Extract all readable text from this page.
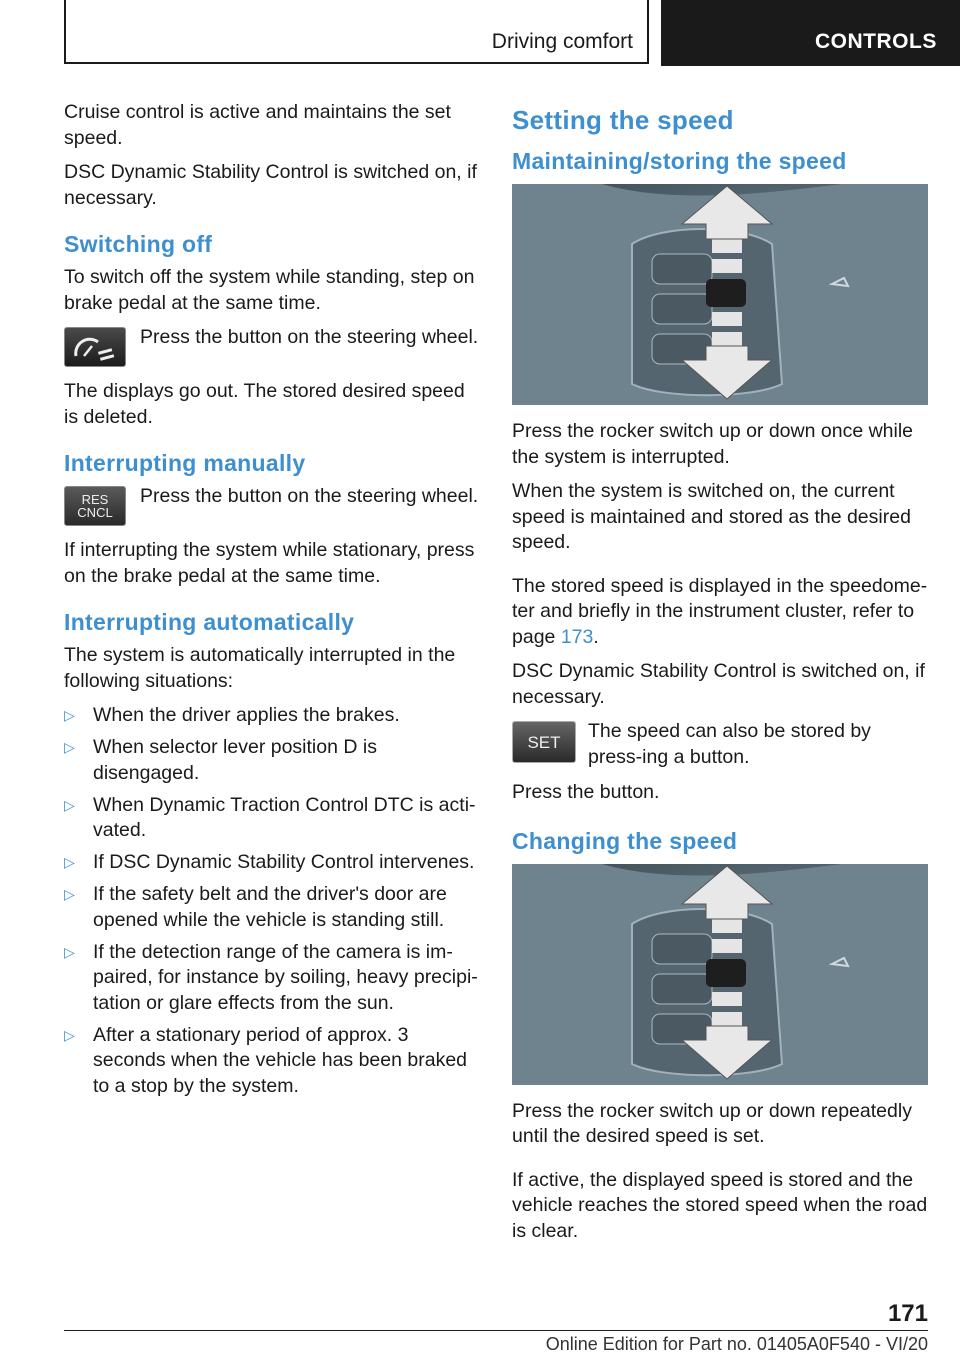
Driving comfort	CONTROLS

Cruise control is active and maintains the set speed.

DSC Dynamic Stability Control is switched on, if necessary.

Switching off

To switch off the system while standing, step on brake pedal at the same time.

Press the button on the steering wheel.

The displays go out. The stored desired speed is deleted.

Interrupting manually
RES
CNCL

Press the button on the steering wheel.

If interrupting the system while stationary, press on the brake pedal at the same time.

Interrupting automatically

The system is automatically interrupted in the following situations:

▷ When the driver applies the brakes.
▷ When selector lever position D is disengaged.
▷ When Dynamic Traction Control DTC is acti‐vated.
▷ If DSC Dynamic Stability Control intervenes.
▷ If the safety belt and the driver's door are opened while the vehicle is standing still.
▷ If the detection range of the camera is im‐paired, for instance by soiling, heavy precipi‐tation or glare effects from the sun.
▷ After a stationary period of approx. 3 seconds when the vehicle has been braked to a stop by the system.
Setting the speed
Maintaining/storing the speed

Press the rocker switch up or down once while the system is interrupted.

When the system is switched on, the current speed is maintained and stored as the desired speed.

The stored speed is displayed in the speedome‐ter and briefly in the instrument cluster, refer to page 173.

DSC Dynamic Stability Control is switched on, if necessary.

SET The speed can also be stored by press‐ing a button.

Press the button.

Changing the speed

Press the rocker switch up or down repeatedly until the desired speed is set.

If active, the displayed speed is stored and the vehicle reaches the stored speed when the road is clear.

171
Online Edition for Part no. 01405A0F540 - VI/20
